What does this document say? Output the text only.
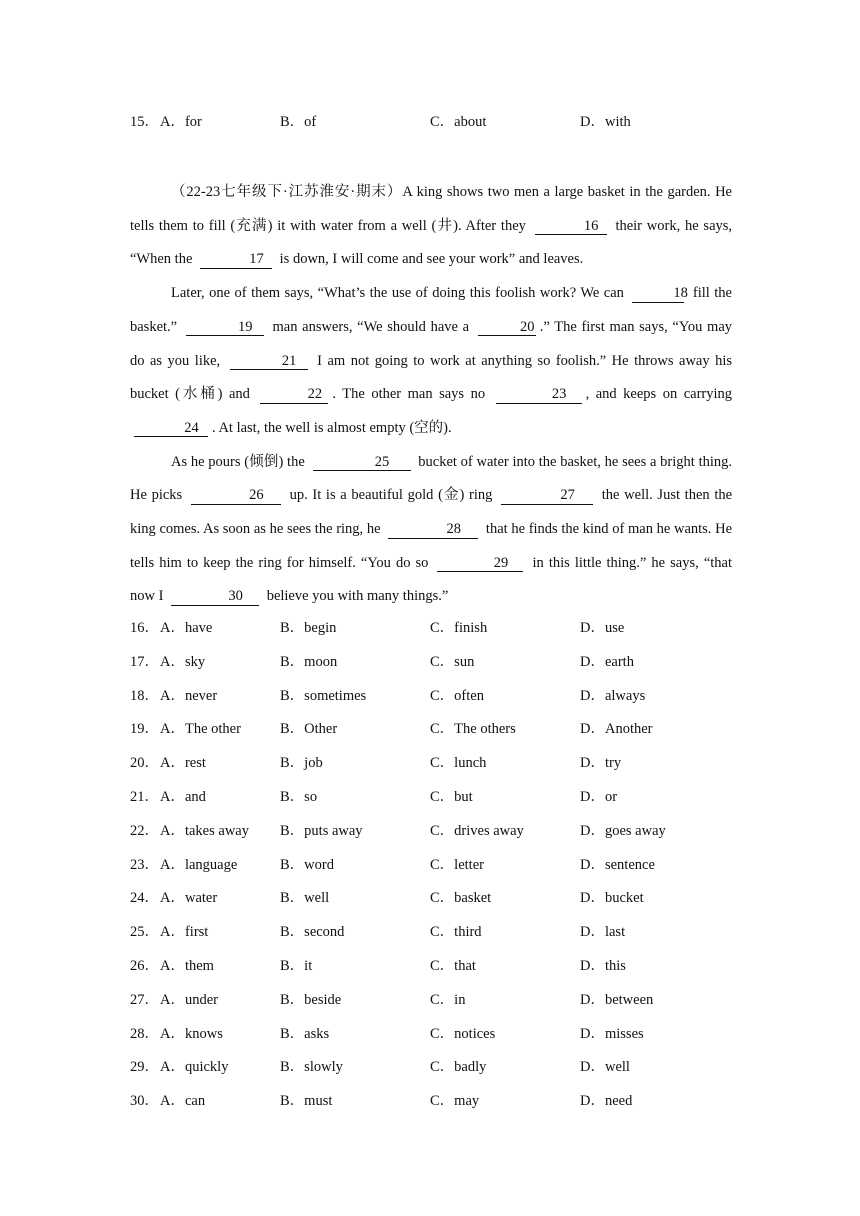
15． A．for	B．of	C．about	D．with

（22-23七年级下·江苏淮安·期末）A king shows two men a large basket in the garden. He tells them to fill (充满) it with water from a well (井). After they	16 their work, he says, “When the	17 is down, I will come and see your work” and leaves.

Later, one of them says, “What’s the use of doing this foolish work? We can	18 fill the basket.”	19 man answers, “We should have a	20 .” The first man says, “You may do as you like,	21 I am not going to work at anything so foolish.” He throws away his bucket (水桶) and	22 . The other man says no	23 , and keeps on carrying 24 . At last, the well is almost empty (空的).

As he pours (倾倒) the	25 bucket of water into the basket, he sees a bright thing. He picks	26 up. It is a beautiful gold (金) ring	27 the well. Just then the king comes. As soon as he sees the ring, he	28 that he finds the kind of man he wants. He tells him to keep the ring for himself. “You do so	29 in this little thing.” he says, “that now I	30 believe you with many things.”

16． A．have	B．begin	C．finish	D．use
17． A．sky	B．moon	C．sun	D．earth
18． A．never	B．sometimes	C．often	D．always
19． A．The other	B．Other	C．The others	D．Another
20． A．rest	B．job	C．lunch	D．try
21． A．and	B．so	C．but	D．or
22． A．takes away B．puts away	C．drives away	D．goes away
23． A．language	B．word	C．letter	D．sentence
24． A．water	B．well	C．basket	D．bucket
25． A．first	B．second	C．third	D．last
26． A．them	B．it	C．that	D．this
27． A．under	B．beside	C．in	D．between
28． A．knows	B．asks	C．notices	D．misses
29． A．quickly	B．slowly	C．badly	D．well
30． A．can	B．must	C．may	D．need
